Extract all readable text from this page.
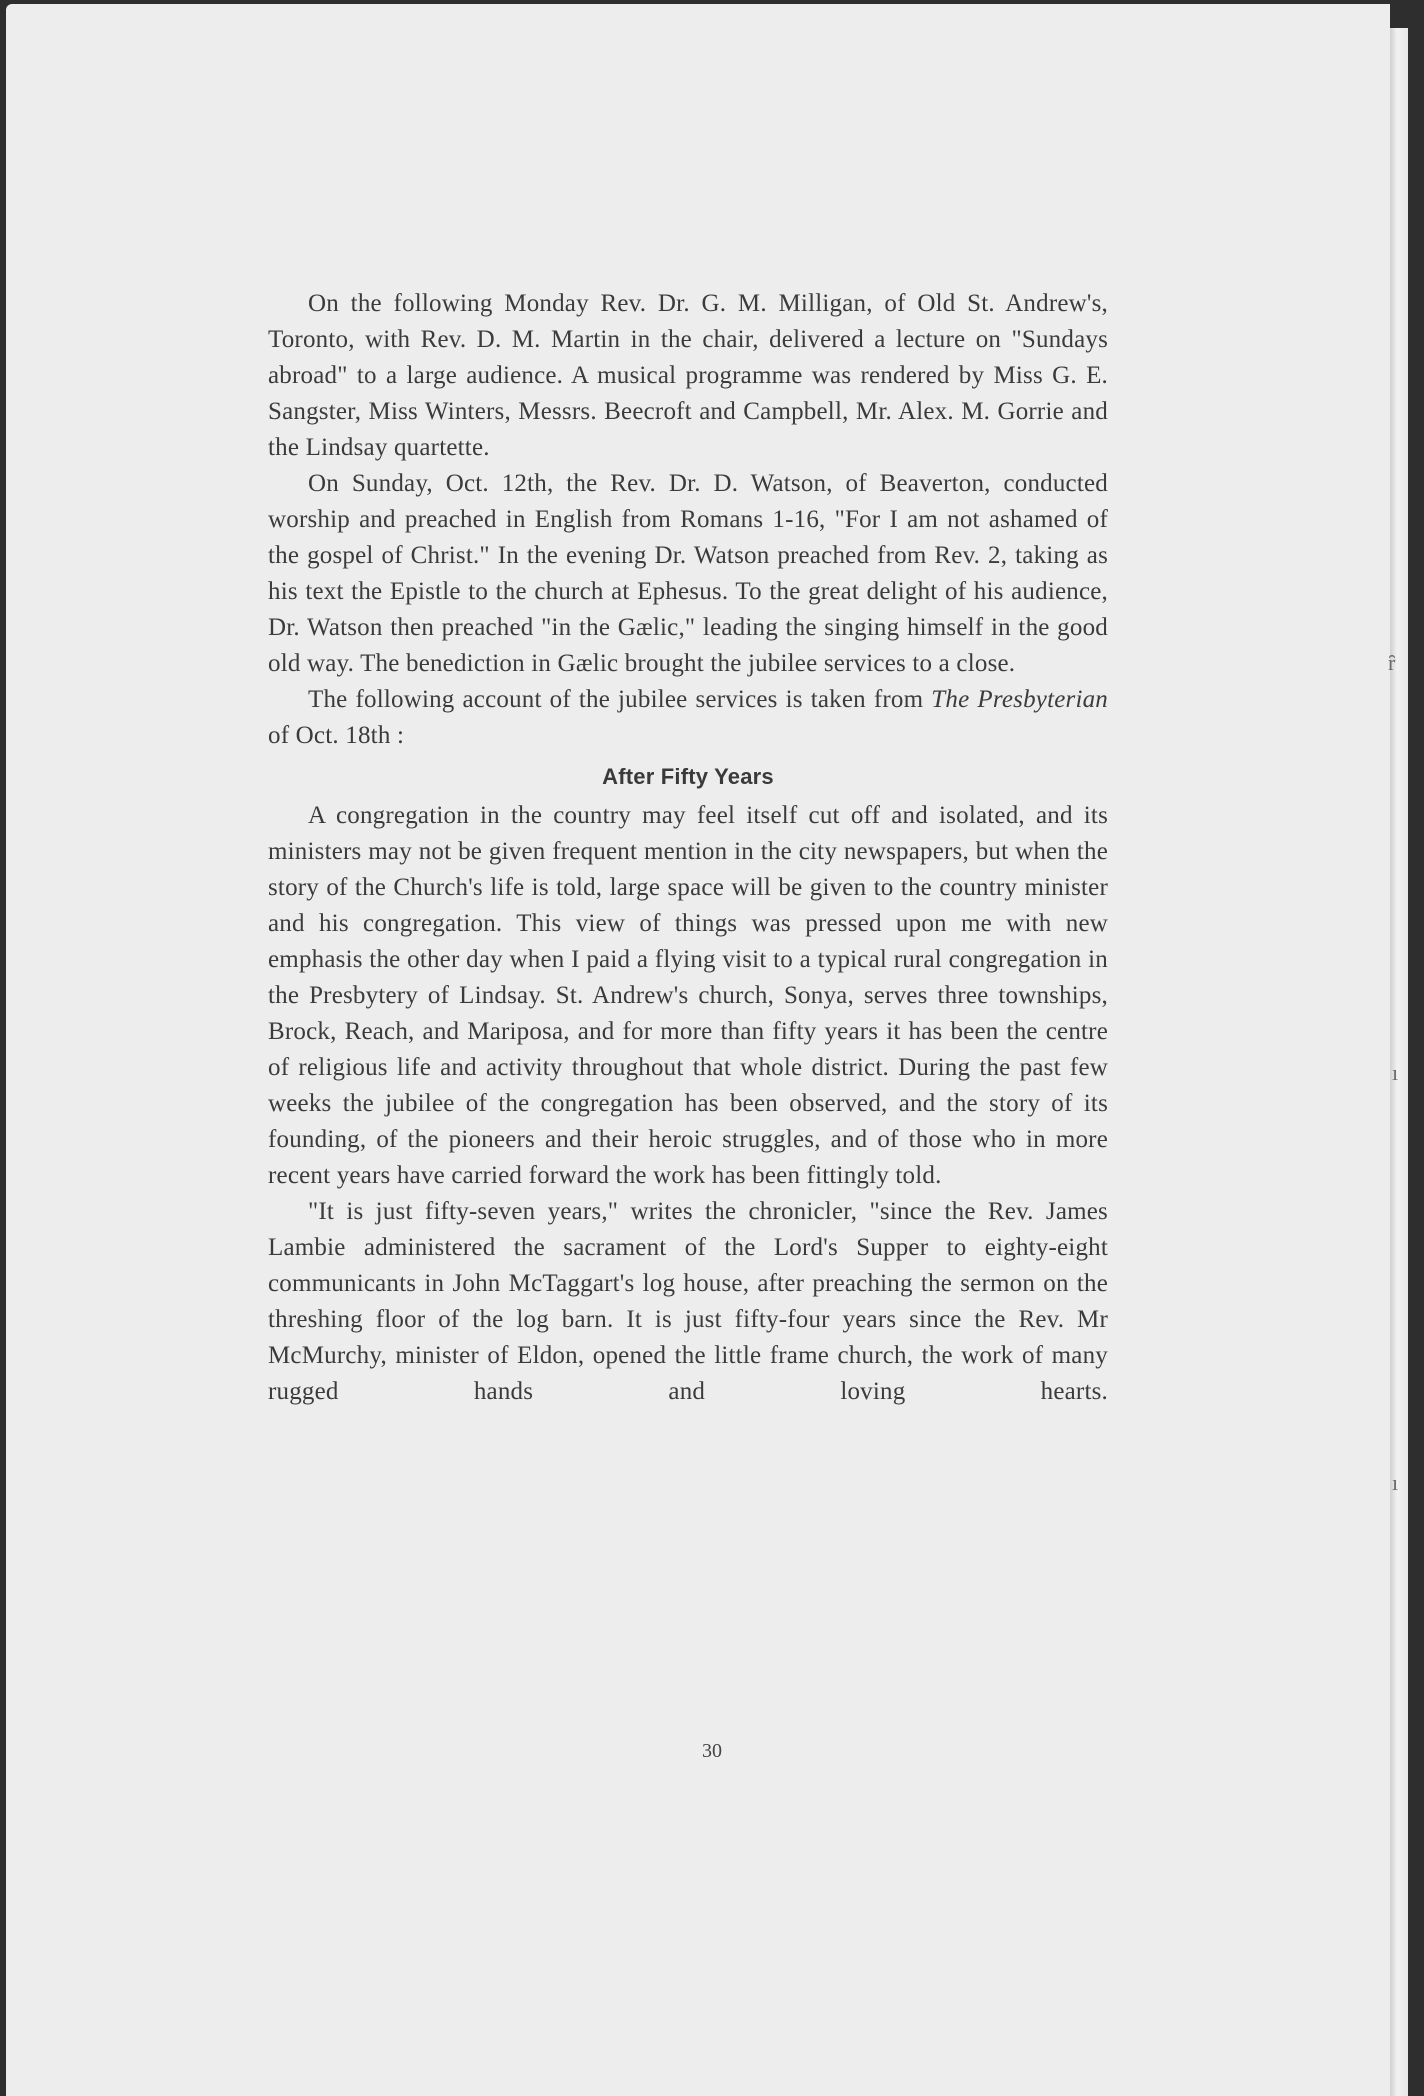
On the following Monday Rev. Dr. G. M. Milligan, of Old St. Andrew's, Toronto, with Rev. D. M. Martin in the chair, delivered a lecture on "Sundays abroad" to a large audience. A musical programme was rendered by Miss G. E. Sangster, Miss Winters, Messrs. Beecroft and Campbell, Mr. Alex. M. Gorrie and the Lindsay quartette.

On Sunday, Oct. 12th, the Rev. Dr. D. Watson, of Beaverton, conducted worship and preached in English from Romans 1-16, "For I am not ashamed of the gospel of Christ." In the evening Dr. Watson preached from Rev. 2, taking as his text the Epistle to the church at Ephesus. To the great delight of his audience, Dr. Watson then preached "in the Gælic," leading the singing himself in the good old way. The benediction in Gælic brought the jubilee services to a close.

The following account of the jubilee services is taken from The Presbyterian of Oct. 18th :

After Fifty Years

A congregation in the country may feel itself cut off and isolated, and its ministers may not be given frequent mention in the city newspapers, but when the story of the Church's life is told, large space will be given to the country minister and his congregation. This view of things was pressed upon me with new emphasis the other day when I paid a flying visit to a typical rural congregation in the Presbytery of Lindsay. St. Andrew's church, Sonya, serves three townships, Brock, Reach, and Mariposa, and for more than fifty years it has been the centre of religious life and activity throughout that whole district. During the past few weeks the jubilee of the congregation has been observed, and the story of its founding, of the pioneers and their heroic struggles, and of those who in more recent years have carried forward the work has been fittingly told.

"It is just fifty-seven years," writes the chronicler, "since the Rev. James Lambie administered the sacrament of the Lord's Supper to eighty-eight communicants in John McTaggart's log house, after preaching the sermon on the threshing floor of the log barn. It is just fifty-four years since the Rev. Mr McMurchy, minister of Eldon, opened the little frame church, the work of many rugged hands and loving hearts.

30
ȓ
ı
ı
